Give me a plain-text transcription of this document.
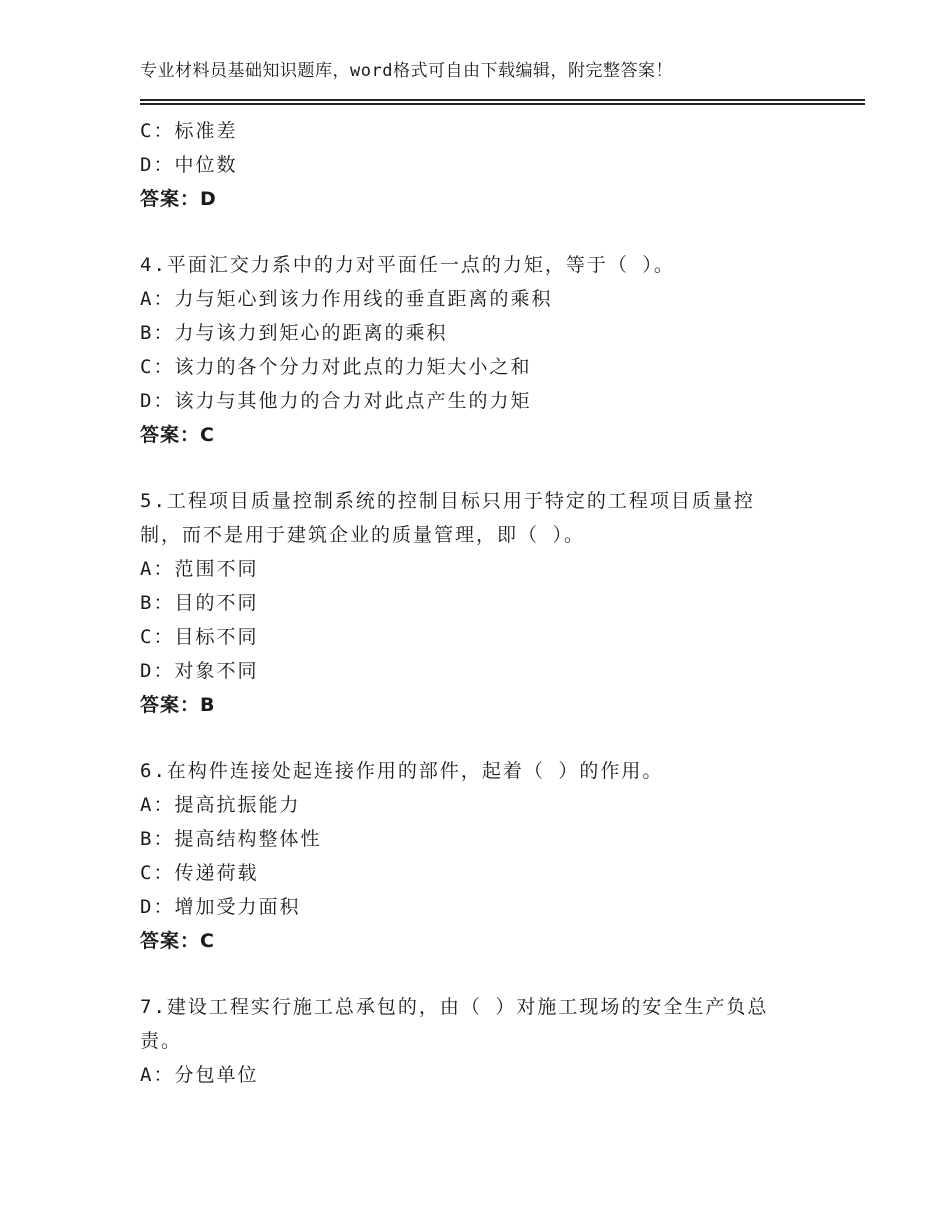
专业材料员基础知识题库，word格式可自由下载编辑，附完整答案！
C：标准差
D：中位数
答案：D
4.平面汇交力系中的力对平面任一点的力矩，等于（ ）。
A：力与矩心到该力作用线的垂直距离的乘积
B：力与该力到矩心的距离的乘积
C：该力的各个分力对此点的力矩大小之和
D：该力与其他力的合力对此点产生的力矩
答案：C
5.工程项目质量控制系统的控制目标只用于特定的工程项目质量控
制，而不是用于建筑企业的质量管理，即（ ）。
A：范围不同
B：目的不同
C：目标不同
D：对象不同
答案：B
6.在构件连接处起连接作用的部件，起着（ ）的作用。
A：提高抗振能力
B：提高结构整体性
C：传递荷载
D：增加受力面积
答案：C
7.建设工程实行施工总承包的，由（ ）对施工现场的安全生产负总
责。
A：分包单位
